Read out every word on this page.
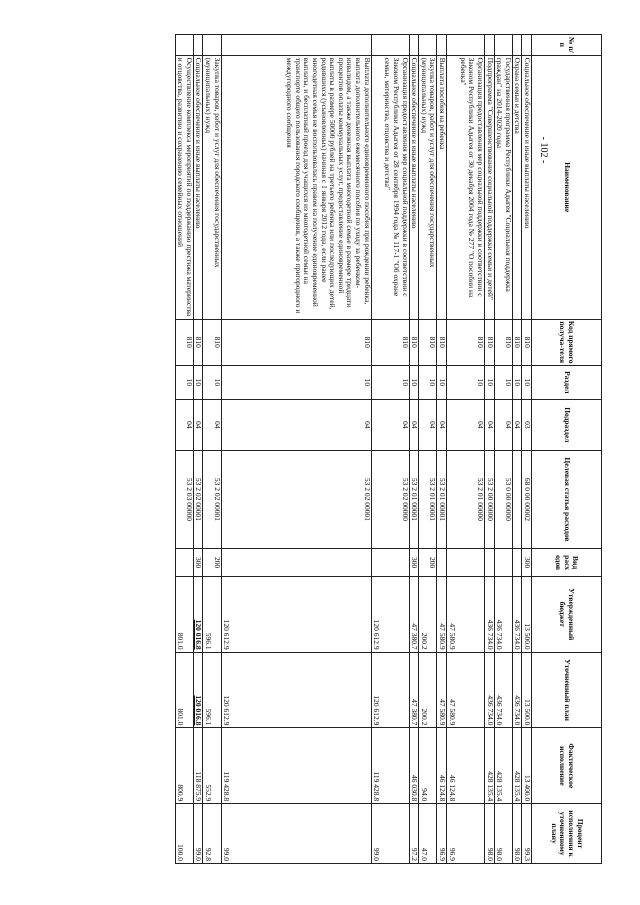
- 102 -
№ п/п	Наименование	Код прямого получа-теля	Раздел	Подраздел	Целевая статья расходов	Вид расх одов	Утвержденный бюджет	Уточненный план	Фактическое исполнение	Процент исполнения к уточненному плану
	Социальное обеспечение и иные выплаты населению	810	10	03	68 0 00 00002	300	13 500.0	13 500.0	13 400.0	99.3
	Охрана семьи и детства	810	10	04			436 734.0	436 734.0	428 135.4	98.0
	Государственная программа Республики Адыгея "Социальная поддержка граждан" на 2014-2020 годы	810	10	04	53 0 00 00000		436 734.0	436 734.0	428 135.4	98.0
	Подпрограмма "Совершенствование социальной поддержки семьи и детей"	810	10	04	53 2 00 00000		436 734.0	436 734.0	428 135.4	98.0
	Организация предоставления мер социальной поддержки в соответствии с Законом Республики Адыгея от 30 декабря 2004 года № 277 "О пособии на ребенка"	810	10	04	53 2 01 00000		47 580.9	47 580.9	46 124.8	96.9
	Выплата пособия на ребенка	810	10	04	53 2 01 00001		47 580.9	47 580.9	46 124.8	96.9
	Закупка товаров, работ и услуг для обеспечения государственных (муниципальных) нужд	810	10	04	53 2 01 00001	200	200.2	200.2	94.0	47.0
	Социальное обеспечение и иные выплаты населению	810	10	04	53 2 01 00001	300	47 380.7	47 380.7	46 030.8	97.2
	Организация предоставления мер социальной поддержки в соответствии с Законом Республики Адыгея от 28 сентября 1994 года № 117-1 "Об охране семьи, материнства, отцовства и детства"	810	10	04	53 2 02 00000		120 612.9	120 612.9	119 428.8	99.0
	Выплата дополнительного единовременного пособия при рождении ребенка, выплата дополнительного ежемесячного пособия по уходу за ребенком-инвалидом, а также денежная выплата многодетной семье в размере тридцати процентов оплаты коммунальных услуг, предоставление единовременной выплаты в размере 50000 рублей на третьего ребенка или последующих детей, родившихся (усыновленных) начиная с 1 января 2012 года, если ранее многодетная семья не воспользовалась правом на получение единовременной выплаты, и бесплатный проезд для учащихся из многодетной семьи на транспорте общего пользования городского сообщения, а также пригородного и междугородного сообщения	810	10	04	53 2 02 00001		120 612.9	120 612.9	119 428.8	99.0
	Закупка товаров, работ и услуг для обеспечения государственных (муниципальных) нужд	810	10	04	53 2 02 00001	200	596.1	596.1	552.9	92.8
	Социальное обеспечение и иные выплаты населению	810	10	04	53 2 02 00001	300	120 016.8	120 016.8	118 875.9	99.0
	Осуществление комплекса мероприятий по поддержанию престижа материнства и отцовства, развитию и сохранению семейных отношений	810	10	04	53 2 03 00000		801.0	801.0	800.9	100.0
